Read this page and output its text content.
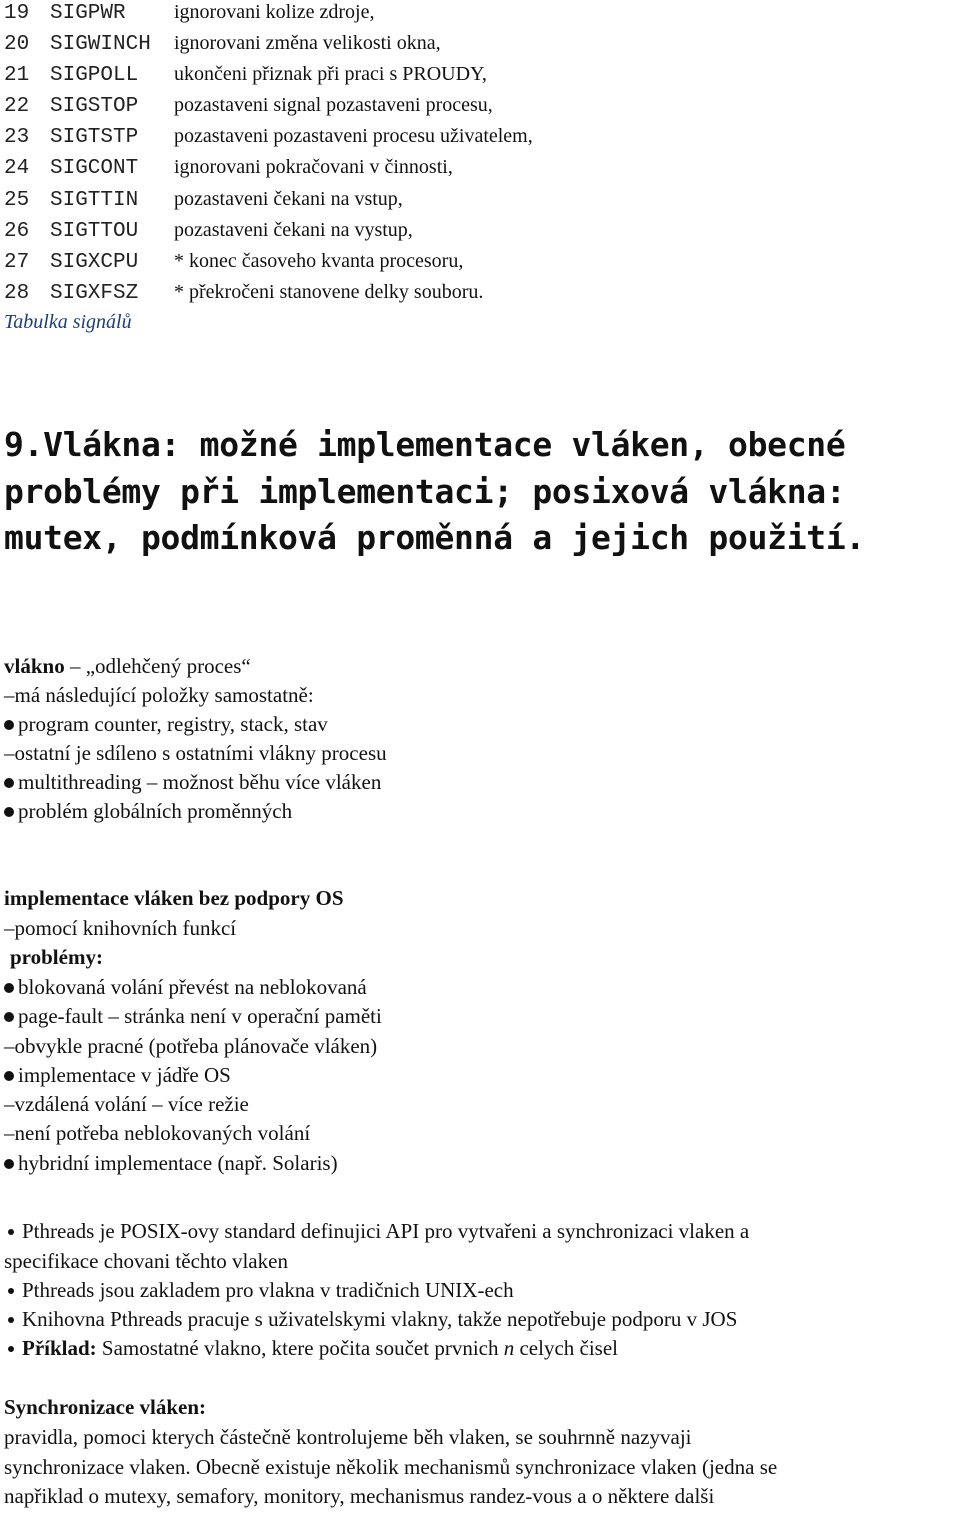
19 SIGPWR ignorovani kolize zdroje,
20 SIGWINCH ignorovani změna velikosti okna,
21 SIGPOLL ukončeni přiznak při praci s PROUDY,
22 SIGSTOP pozastaveni signal pozastaveni procesu,
23 SIGTSTP pozastaveni pozastaveni procesu uživatelem,
24 SIGCONT ignorovani pokračovani v činnosti,
25 SIGTTIN pozastaveni čekani na vstup,
26 SIGTTOU pozastaveni čekani na vystup,
27 SIGXCPU * konec časoveho kvanta procesoru,
28 SIGXFSZ * překročeni stanovene delky souboru.
Tabulka signálů
9.Vlákna: možné implementace vláken, obecné problémy při implementaci; posixová vlákna: mutex, podmínková proměnná a jejich použití.
vlákno – „odlehčený proces“
–má následující položky samostatně:
program counter, registry, stack, stav
–ostatní je sdíleno s ostatními vlákny procesu
multithreading – možnost běhu více vláken
problém globálních proměnných
implementace vláken bez podpory OS
–pomocí knihovních funkcí
problémy:
blokovaná volání převést na neblokovaná
page-fault – stránka není v operační paměti
–obvykle pracné (potřeba plánovače vláken)
implementace v jádře OS
–vzdálená volání – více režie
–není potřeba neblokovaných volání
hybridní implementace (např. Solaris)
Pthreads je POSIX-ovy standard definujici API pro vytvařeni a synchronizaci vlaken a
specifikace chovani těchto vlaken
Pthreads jsou zakladem pro vlakna v tradičnich UNIX-ech
Knihovna Pthreads pracuje s uživatelskymi vlakny, takže nepotřebuje podporu v JOS
Příklad: Samostatné vlakno, ktere počita součet prvnich n celych čisel
Synchronizace vláken:
pravidla, pomoci kterych částečně kontrolujeme běh vlaken, se souhrnně nazyvaji
synchronizace vlaken. Obecně existuje několik mechanismů synchronizace vlaken (jedna se
napřiklad o mutexy, semafory, monitory, mechanismus randez-vous a o některe dalši
